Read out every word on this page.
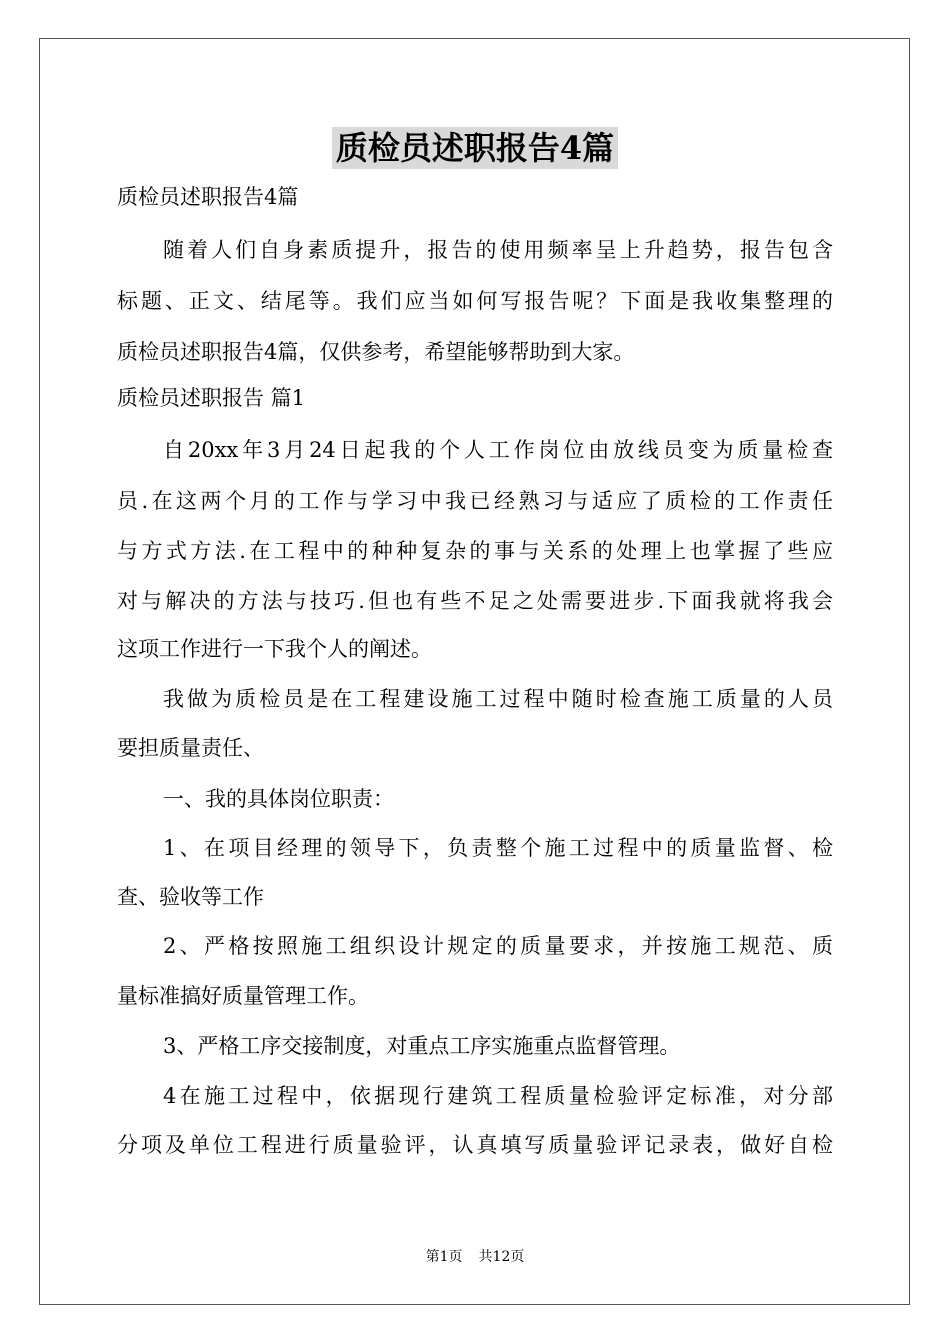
质检员述职报告4篇
质检员述职报告4篇
随着人们自身素质提升，报告的使用频率呈上升趋势，报告包含
标题、正文、结尾等。我们应当如何写报告呢？下面是我收集整理的
质检员述职报告4篇，仅供参考，希望能够帮助到大家。
质检员述职报告 篇1
自20xx年3月24日起我的个人工作岗位由放线员变为质量检查
员.在这两个月的工作与学习中我已经熟习与适应了质检的工作责任
与方式方法.在工程中的种种复杂的事与关系的处理上也掌握了些应
对与解决的方法与技巧.但也有些不足之处需要进步.下面我就将我会
这项工作进行一下我个人的阐述。
我做为质检员是在工程建设施工过程中随时检查施工质量的人员
要担质量责任、
一、我的具体岗位职责：
1、在项目经理的领导下，负责整个施工过程中的质量监督、检
查、验收等工作
2、严格按照施工组织设计规定的质量要求，并按施工规范、质
量标准搞好质量管理工作。
3、严格工序交接制度，对重点工序实施重点监督管理。
4在施工过程中，依据现行建筑工程质量检验评定标准，对分部
分项及单位工程进行质量验评，认真填写质量验评记录表，做好自检
第1页 共12页
